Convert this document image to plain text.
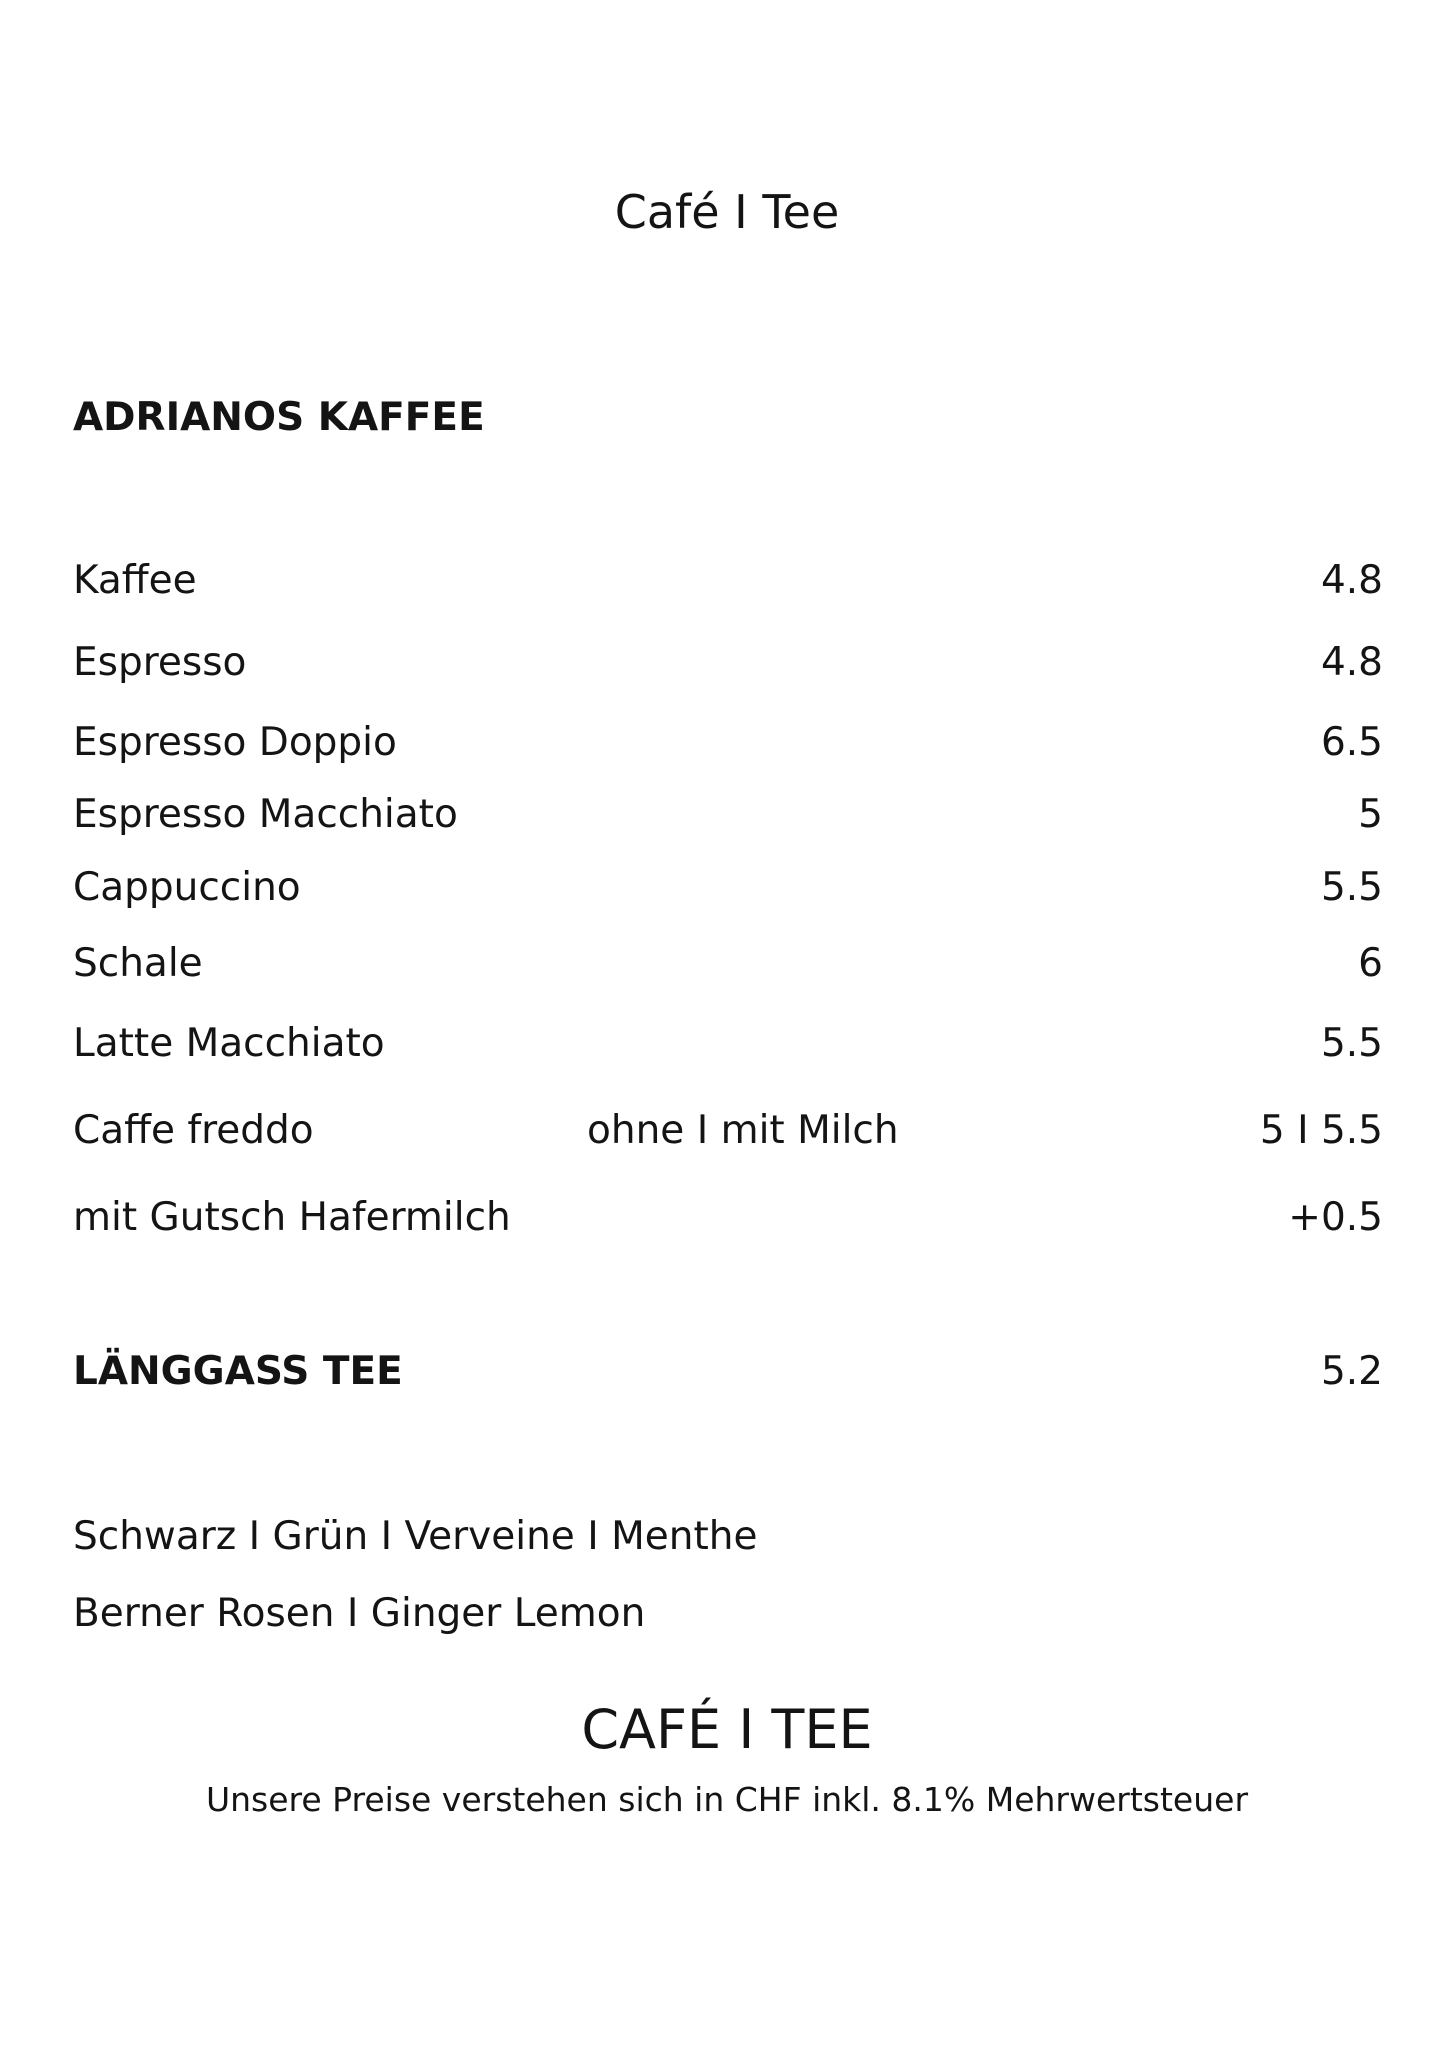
Café I Tee
ADRIANOS KAFFEE
Kaffee	4.8
Espresso	4.8
Espresso Doppio	6.5
Espresso Macchiato	5
Cappuccino	5.5
Schale	6
Latte Macchiato	5.5
Caffe freddo	ohne I mit Milch	5 I 5.5
mit Gutsch Hafermilch	+0.5
LÄNGGASS TEE	5.2
Schwarz I Grün I Verveine I Menthe
Berner Rosen I Ginger Lemon
CAFÉ I TEE
Unsere Preise verstehen sich in CHF inkl. 8.1% Mehrwertsteuer
